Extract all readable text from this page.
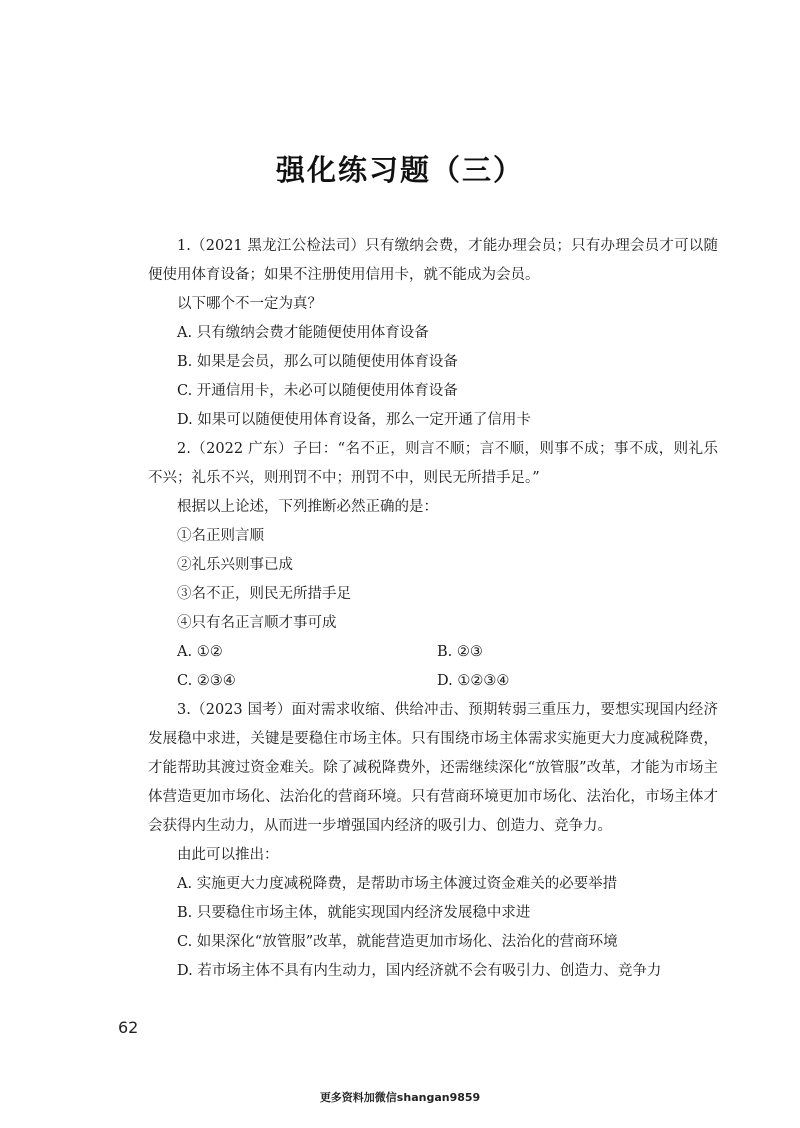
强化练习题（三）

1.（2021 黑龙江公检法司）只有缴纳会费，才能办理会员；只有办理会员才可以随便使用体育设备；如果不注册使用信用卡，就不能成为会员。

以下哪个不一定为真？

A. 只有缴纳会费才能随便使用体育设备

B. 如果是会员，那么可以随便使用体育设备

C. 开通信用卡，未必可以随便使用体育设备

D. 如果可以随便使用体育设备，那么一定开通了信用卡

2.（2022 广东）子曰：“名不正，则言不顺；言不顺，则事不成；事不成，则礼乐不兴；礼乐不兴，则刑罚不中；刑罚不中，则民无所措手足。”

根据以上论述，下列推断必然正确的是：

①名正则言顺

②礼乐兴则事已成

③名不正，则民无所措手足

④只有名正言顺才事可成

A. ①②	B. ②③
C. ②③④	D. ①②③④

3.（2023 国考）面对需求收缩、供给冲击、预期转弱三重压力，要想实现国内经济发展稳中求进，关键是要稳住市场主体。只有围绕市场主体需求实施更大力度减税降费，才能帮助其渡过资金难关。除了减税降费外，还需继续深化“放管服”改革，才能为市场主体营造更加市场化、法治化的营商环境。只有营商环境更加市场化、法治化，市场主体才会获得内生动力，从而进一步增强国内经济的吸引力、创造力、竞争力。

由此可以推出：

A. 实施更大力度减税降费，是帮助市场主体渡过资金难关的必要举措

B. 只要稳住市场主体，就能实现国内经济发展稳中求进

C. 如果深化“放管服”改革，就能营造更加市场化、法治化的营商环境

D. 若市场主体不具有内生动力，国内经济就不会有吸引力、创造力、竞争力

62
更多资料加微信shangan9859
